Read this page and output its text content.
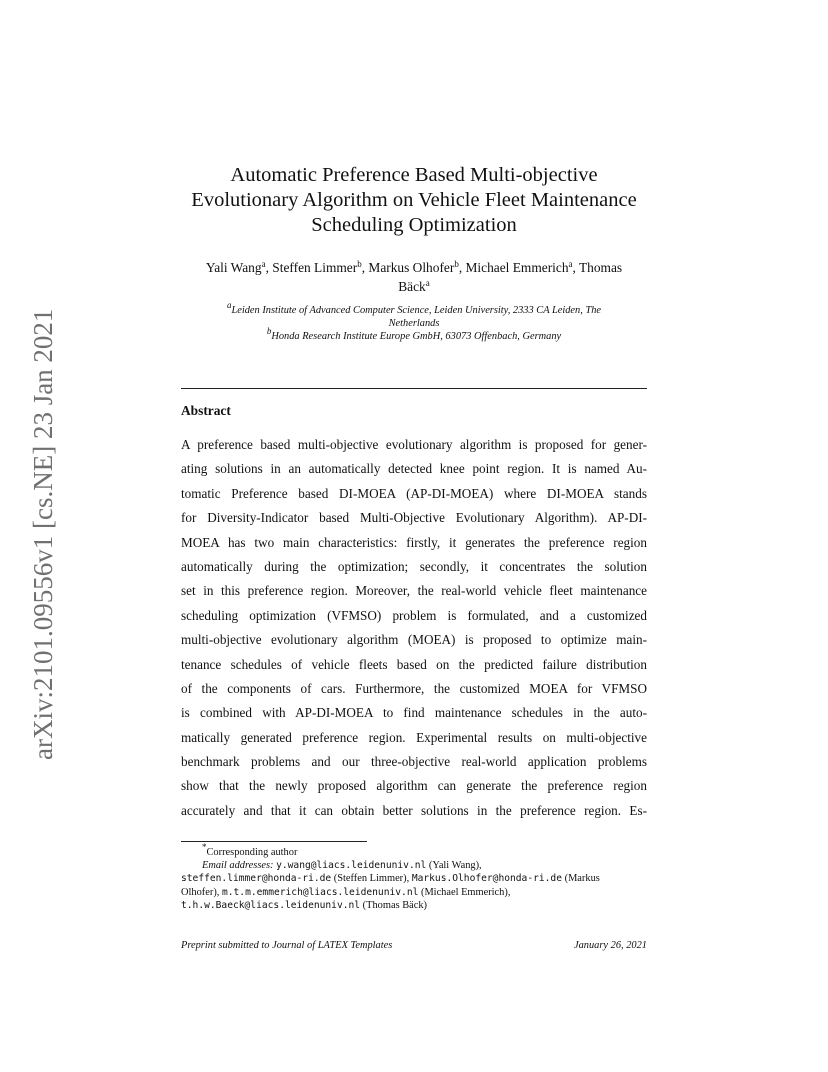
arXiv:2101.09556v1 [cs.NE] 23 Jan 2021
Automatic Preference Based Multi-objective
Evolutionary Algorithm on Vehicle Fleet Maintenance
Scheduling Optimization
Yali Wang$^a$, Steffen Limmer$^b$, Markus Olhofer$^b$, Michael Emmerich$^a$, Thomas
Bäck$^a$
$^a$Leiden Institute of Advanced Computer Science, Leiden University, 2333 CA Leiden, The
Netherlands
$^b$Honda Research Institute Europe GmbH, 63073 Offenbach, Germany
Abstract
A preference based multi-objective evolutionary algorithm is proposed for gener-
ating solutions in an automatically detected knee point region. It is named Au-
tomatic Preference based DI-MOEA (AP-DI-MOEA) where DI-MOEA stands
for Diversity-Indicator based Multi-Objective Evolutionary Algorithm). AP-DI-
MOEA has two main characteristics: firstly, it generates the preference region
automatically during the optimization; secondly, it concentrates the solution
set in this preference region. Moreover, the real-world vehicle fleet maintenance
scheduling optimization (VFMSO) problem is formulated, and a customized
multi-objective evolutionary algorithm (MOEA) is proposed to optimize main-
tenance schedules of vehicle fleets based on the predicted failure distribution
of the components of cars. Furthermore, the customized MOEA for VFMSO
is combined with AP-DI-MOEA to find maintenance schedules in the auto-
matically generated preference region. Experimental results on multi-objective
benchmark problems and our three-objective real-world application problems
show that the newly proposed algorithm can generate the preference region
accurately and that it can obtain better solutions in the preference region. Es-
*Corresponding author
Email addresses: y.wang@liacs.leidenuniv.nl (Yali Wang),
steffen.limmer@honda-ri.de (Steffen Limmer), Markus.Olhofer@honda-ri.de (Markus
Olhofer), m.t.m.emmerich@liacs.leidenuniv.nl (Michael Emmerich),
t.h.w.Baeck@liacs.leidenuniv.nl (Thomas Bäck)
Preprint submitted to Journal of LATEX Templates	January 26, 2021
